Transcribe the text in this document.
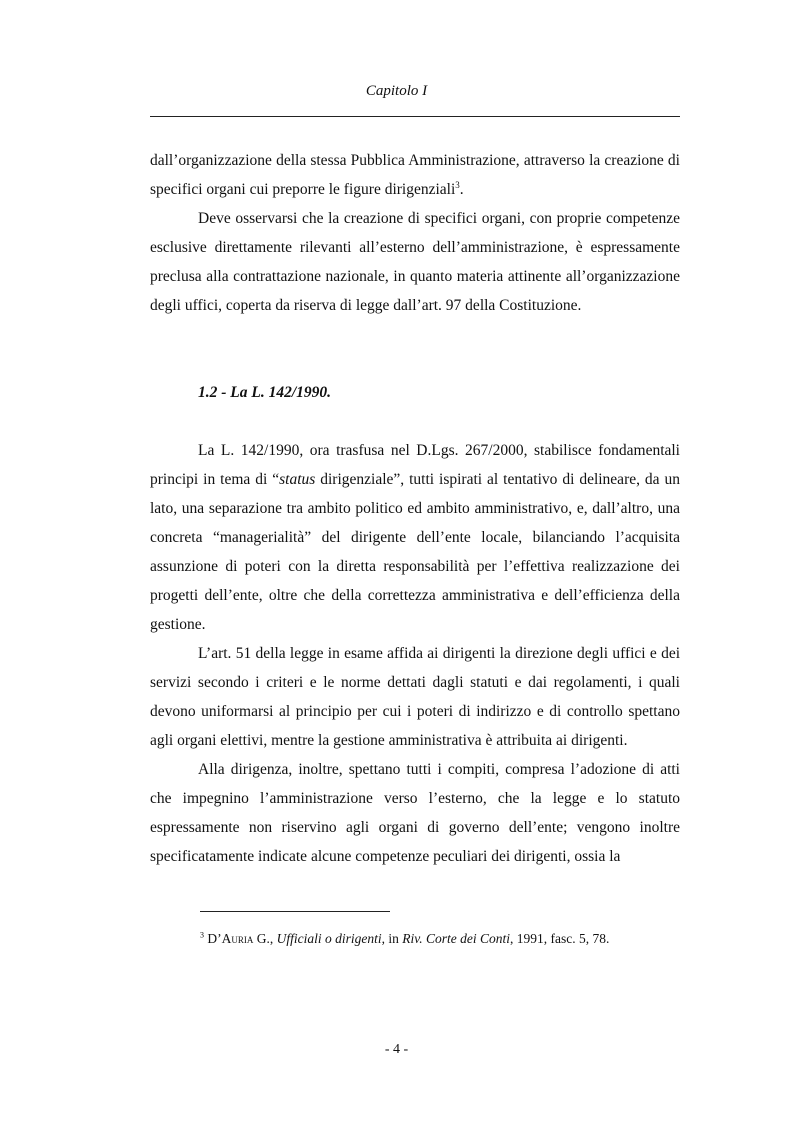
Capitolo I

dall’organizzazione della stessa Pubblica Amministrazione, attraverso la creazione di specifici organi cui preporre le figure dirigenziali$^3$.

Deve osservarsi che la creazione di specifici organi, con proprie competenze esclusive direttamente rilevanti all’esterno dell’amministrazione, è espressamente preclusa alla contrattazione nazionale, in quanto materia attinente all’organizzazione degli uffici, coperta da riserva di legge dall’art. 97 della Costituzione.

1.2 - La L. 142/1990.

La L. 142/1990, ora trasfusa nel D.Lgs. 267/2000, stabilisce fondamentali principi in tema di “status dirigenziale”, tutti ispirati al tentativo di delineare, da un lato, una separazione tra ambito politico ed ambito amministrativo, e, dall’altro, una concreta “managerialità” del dirigente dell’ente locale, bilanciando l’acquisita assunzione di poteri con la diretta responsabilità per l’effettiva realizzazione dei progetti dell’ente, oltre che della correttezza amministrativa e dell’efficienza della gestione.

L’art. 51 della legge in esame affida ai dirigenti la direzione degli uffici e dei servizi secondo i criteri e le norme dettati dagli statuti e dai regolamenti, i quali devono uniformarsi al principio per cui i poteri di indirizzo e di controllo spettano agli organi elettivi, mentre la gestione amministrativa è attribuita ai dirigenti.

Alla dirigenza, inoltre, spettano tutti i compiti, compresa l’adozione di atti che impegnino l’amministrazione verso l’esterno, che la legge e lo statuto espressamente non riservino agli organi di governo dell’ente; vengono inoltre specificatamente indicate alcune competenze peculiari dei dirigenti, ossia la

$^3$ D’Auria G., Ufficiali o dirigenti, in Riv. Corte dei Conti, 1991, fasc. 5, 78.
- 4 -
